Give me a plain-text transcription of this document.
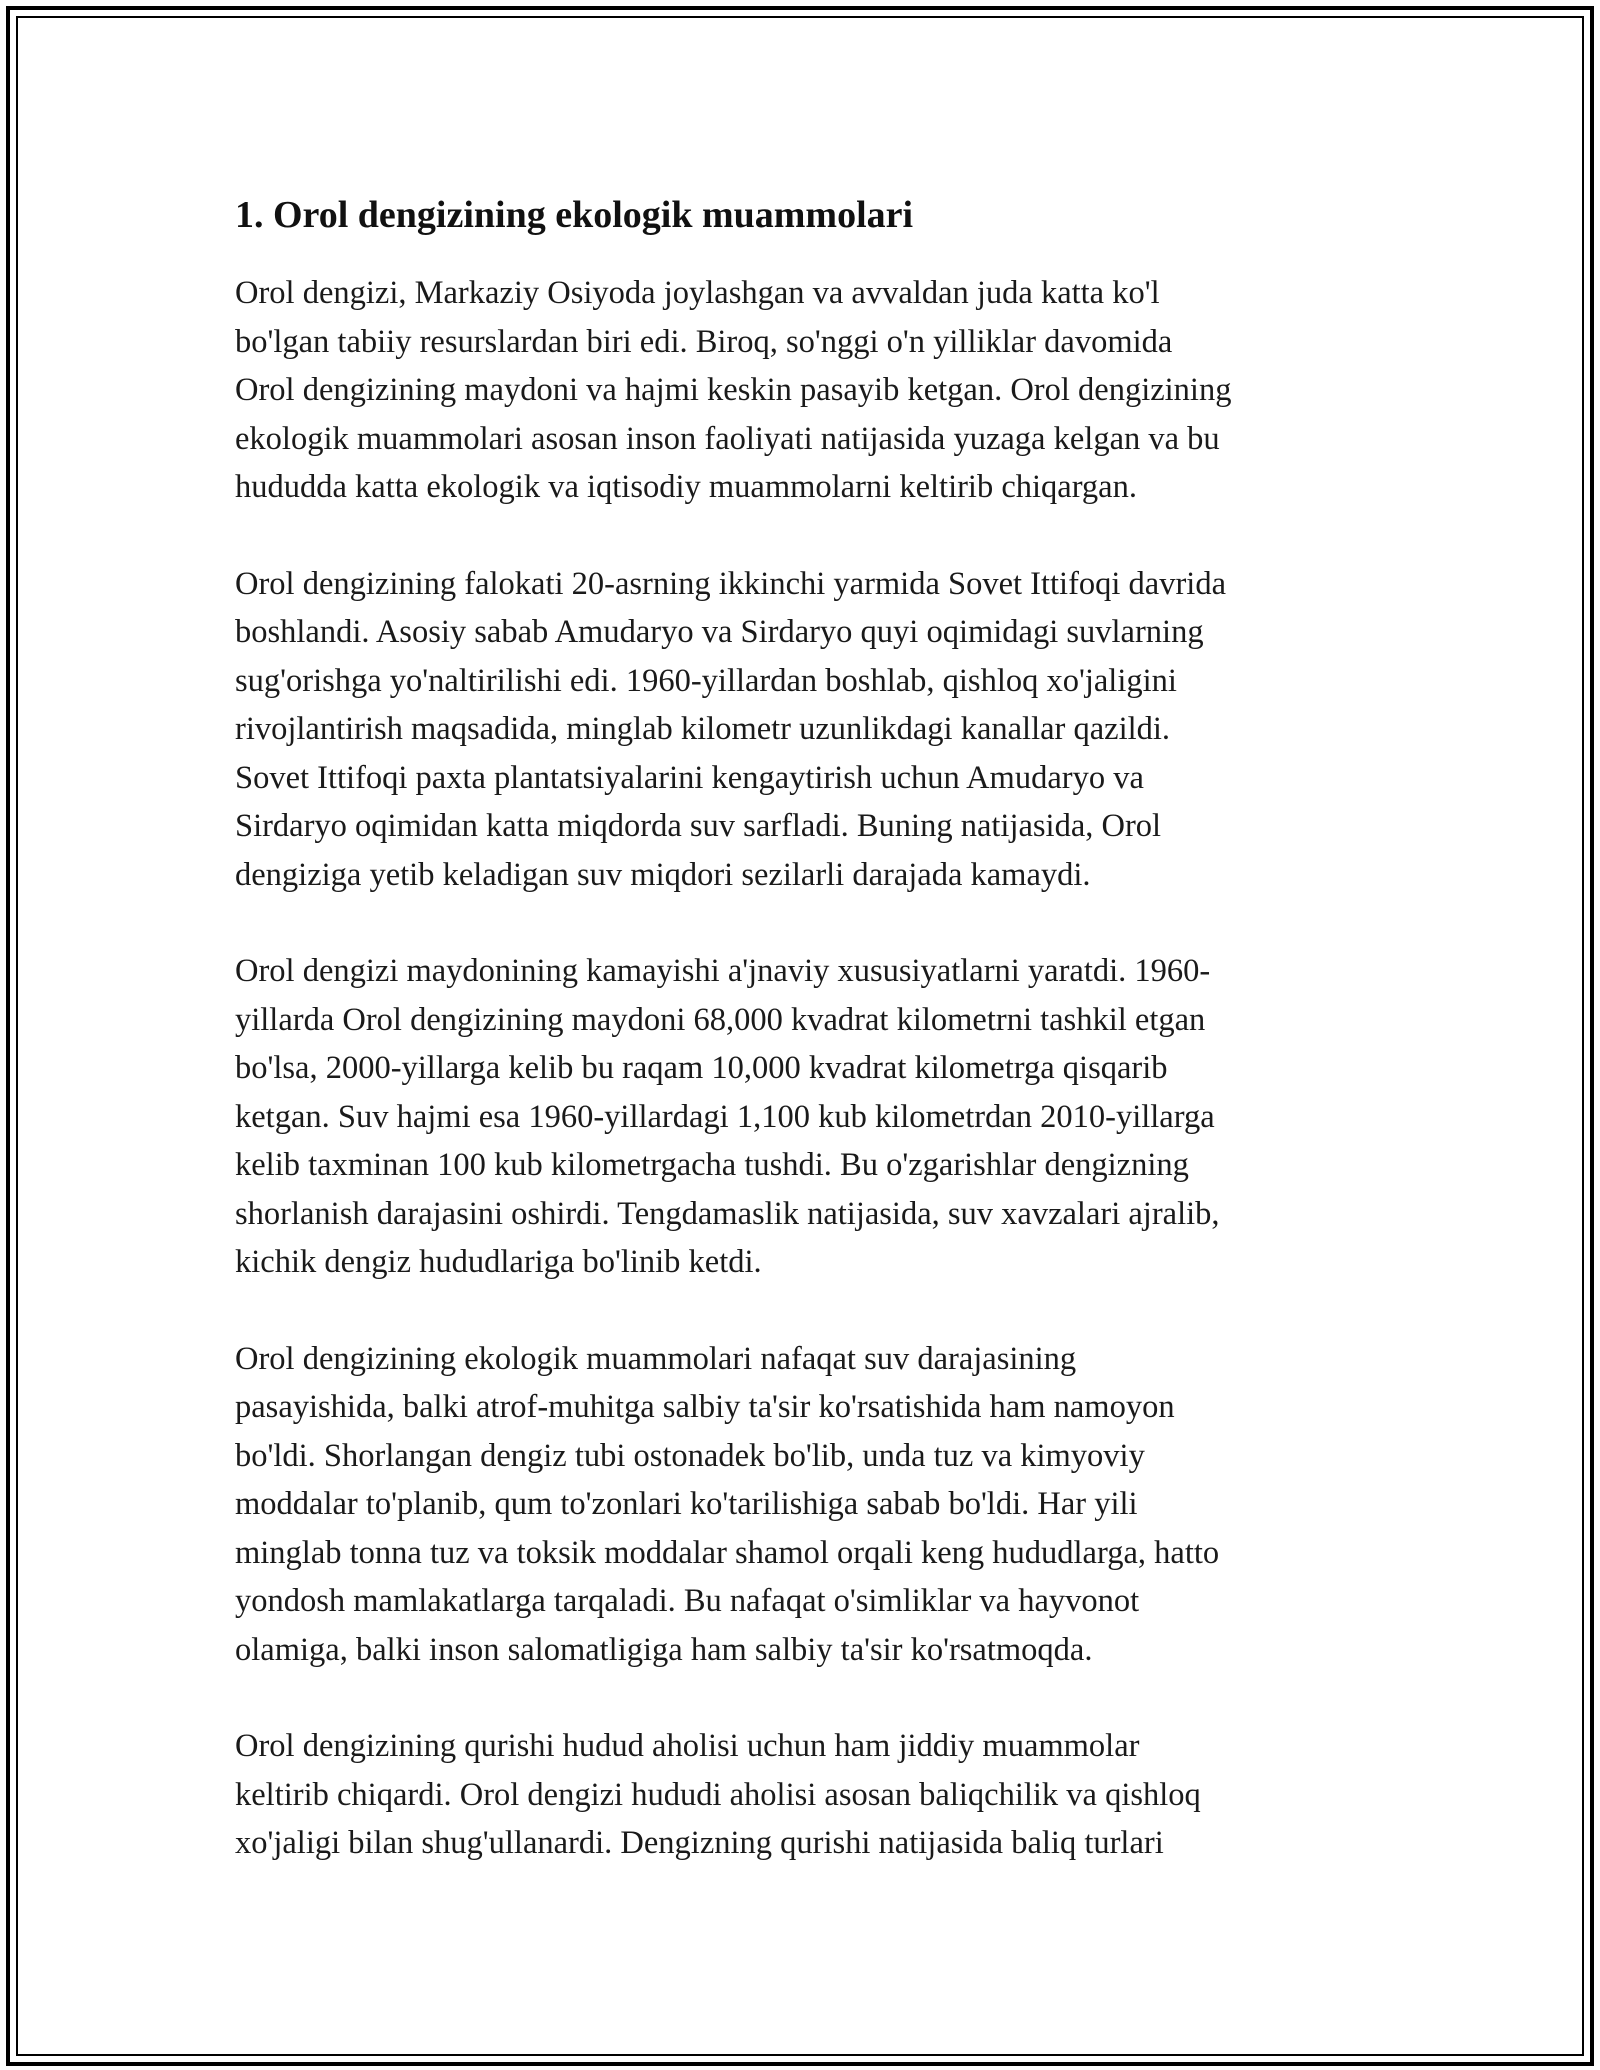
1. Orol dengizining ekologik muammolari

Orol dengizi, Markaziy Osiyoda joylashgan va avvaldan juda katta ko'l
bo'lgan tabiiy resurslardan biri edi. Biroq, so'nggi o'n yilliklar davomida
Orol dengizining maydoni va hajmi keskin pasayib ketgan. Orol dengizining
ekologik muammolari asosan inson faoliyati natijasida yuzaga kelgan va bu
hududda katta ekologik va iqtisodiy muammolarni keltirib chiqargan.

Orol dengizining falokati 20-asrning ikkinchi yarmida Sovet Ittifoqi davrida
boshlandi. Asosiy sabab Amudaryo va Sirdaryo quyi oqimidagi suvlarning
sug'orishga yo'naltirilishi edi. 1960-yillardan boshlab, qishloq xo'jaligini
rivojlantirish maqsadida, minglab kilometr uzunlikdagi kanallar qazildi.
Sovet Ittifoqi paxta plantatsiyalarini kengaytirish uchun Amudaryo va
Sirdaryo oqimidan katta miqdorda suv sarfladi. Buning natijasida, Orol
dengiziga yetib keladigan suv miqdori sezilarli darajada kamaydi.

Orol dengizi maydonining kamayishi a'jnaviy xususiyatlarni yaratdi. 1960-
yillarda Orol dengizining maydoni 68,000 kvadrat kilometrni tashkil etgan
bo'lsa, 2000-yillarga kelib bu raqam 10,000 kvadrat kilometrga qisqarib
ketgan. Suv hajmi esa 1960-yillardagi 1,100 kub kilometrdan 2010-yillarga
kelib taxminan 100 kub kilometrgacha tushdi. Bu o'zgarishlar dengizning
shorlanish darajasini oshirdi. Tengdamaslik natijasida, suv xavzalari ajralib,
kichik dengiz hududlariga bo'linib ketdi.

Orol dengizining ekologik muammolari nafaqat suv darajasining
pasayishida, balki atrof-muhitga salbiy ta'sir ko'rsatishida ham namoyon
bo'ldi. Shorlangan dengiz tubi ostonadek bo'lib, unda tuz va kimyoviy
moddalar to'planib, qum to'zonlari ko'tarilishiga sabab bo'ldi. Har yili
minglab tonna tuz va toksik moddalar shamol orqali keng hududlarga, hatto
yondosh mamlakatlarga tarqaladi. Bu nafaqat o'simliklar va hayvonot
olamiga, balki inson salomatligiga ham salbiy ta'sir ko'rsatmoqda.

Orol dengizining qurishi hudud aholisi uchun ham jiddiy muammolar
keltirib chiqardi. Orol dengizi hududi aholisi asosan baliqchilik va qishloq
xo'jaligi bilan shug'ullanardi. Dengizning qurishi natijasida baliq turlari
